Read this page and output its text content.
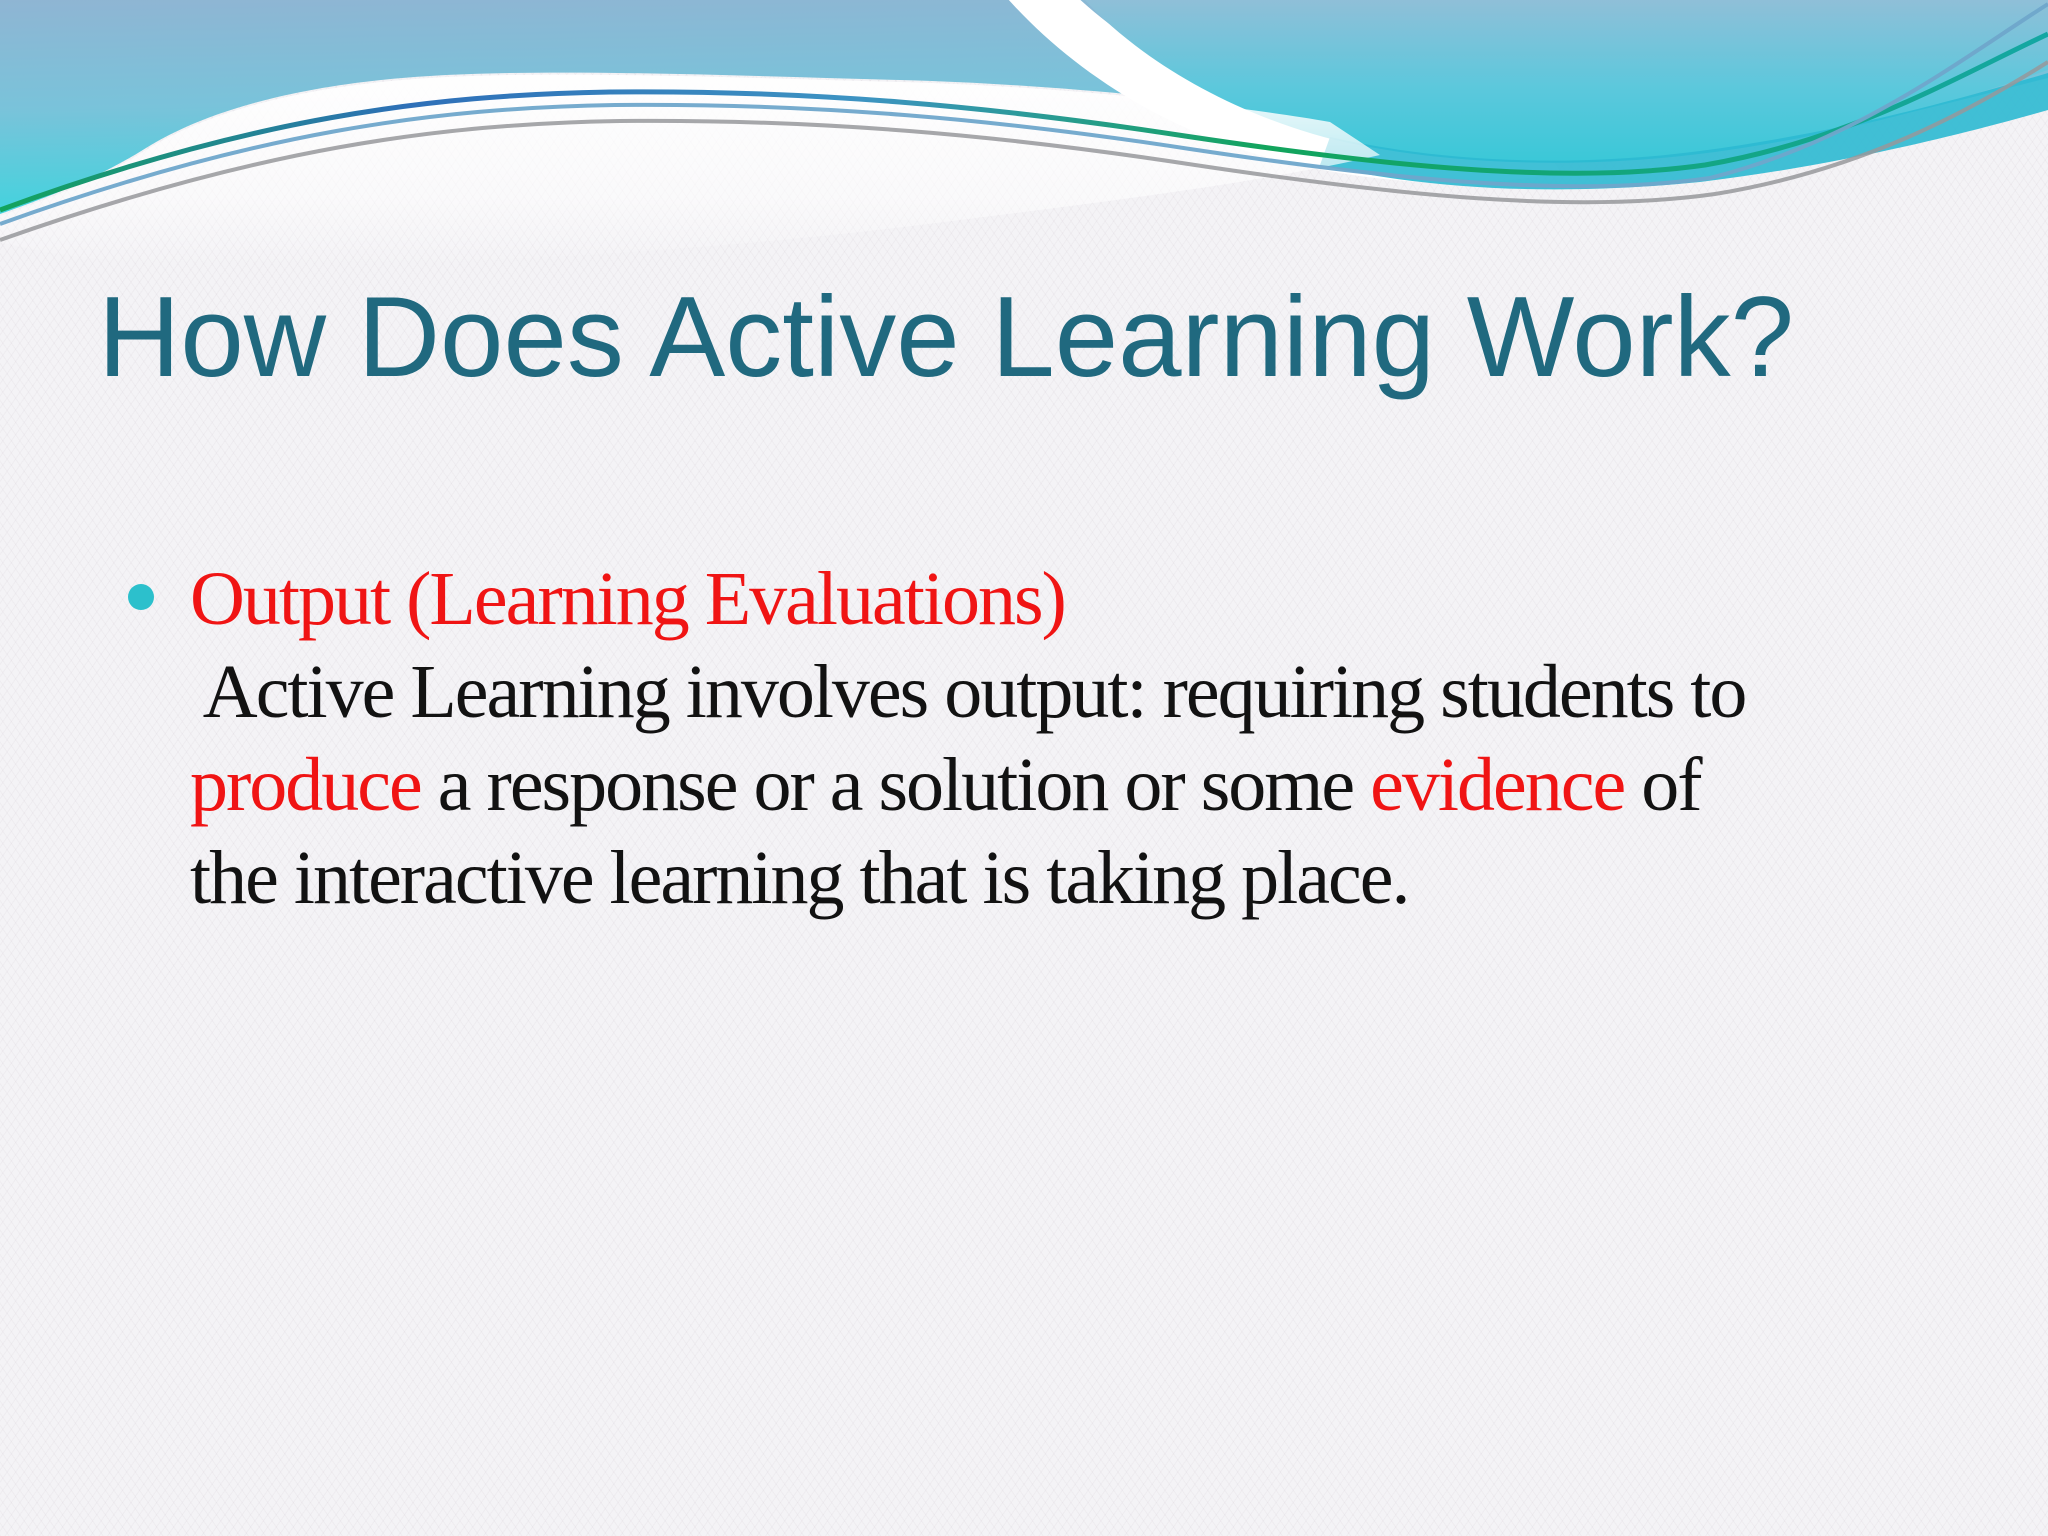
How Does Active Learning Work?
Output (Learning Evaluations)
Active Learning involves output: requiring students to
produce a response or a solution or some evidence of
the interactive learning that is taking place.
